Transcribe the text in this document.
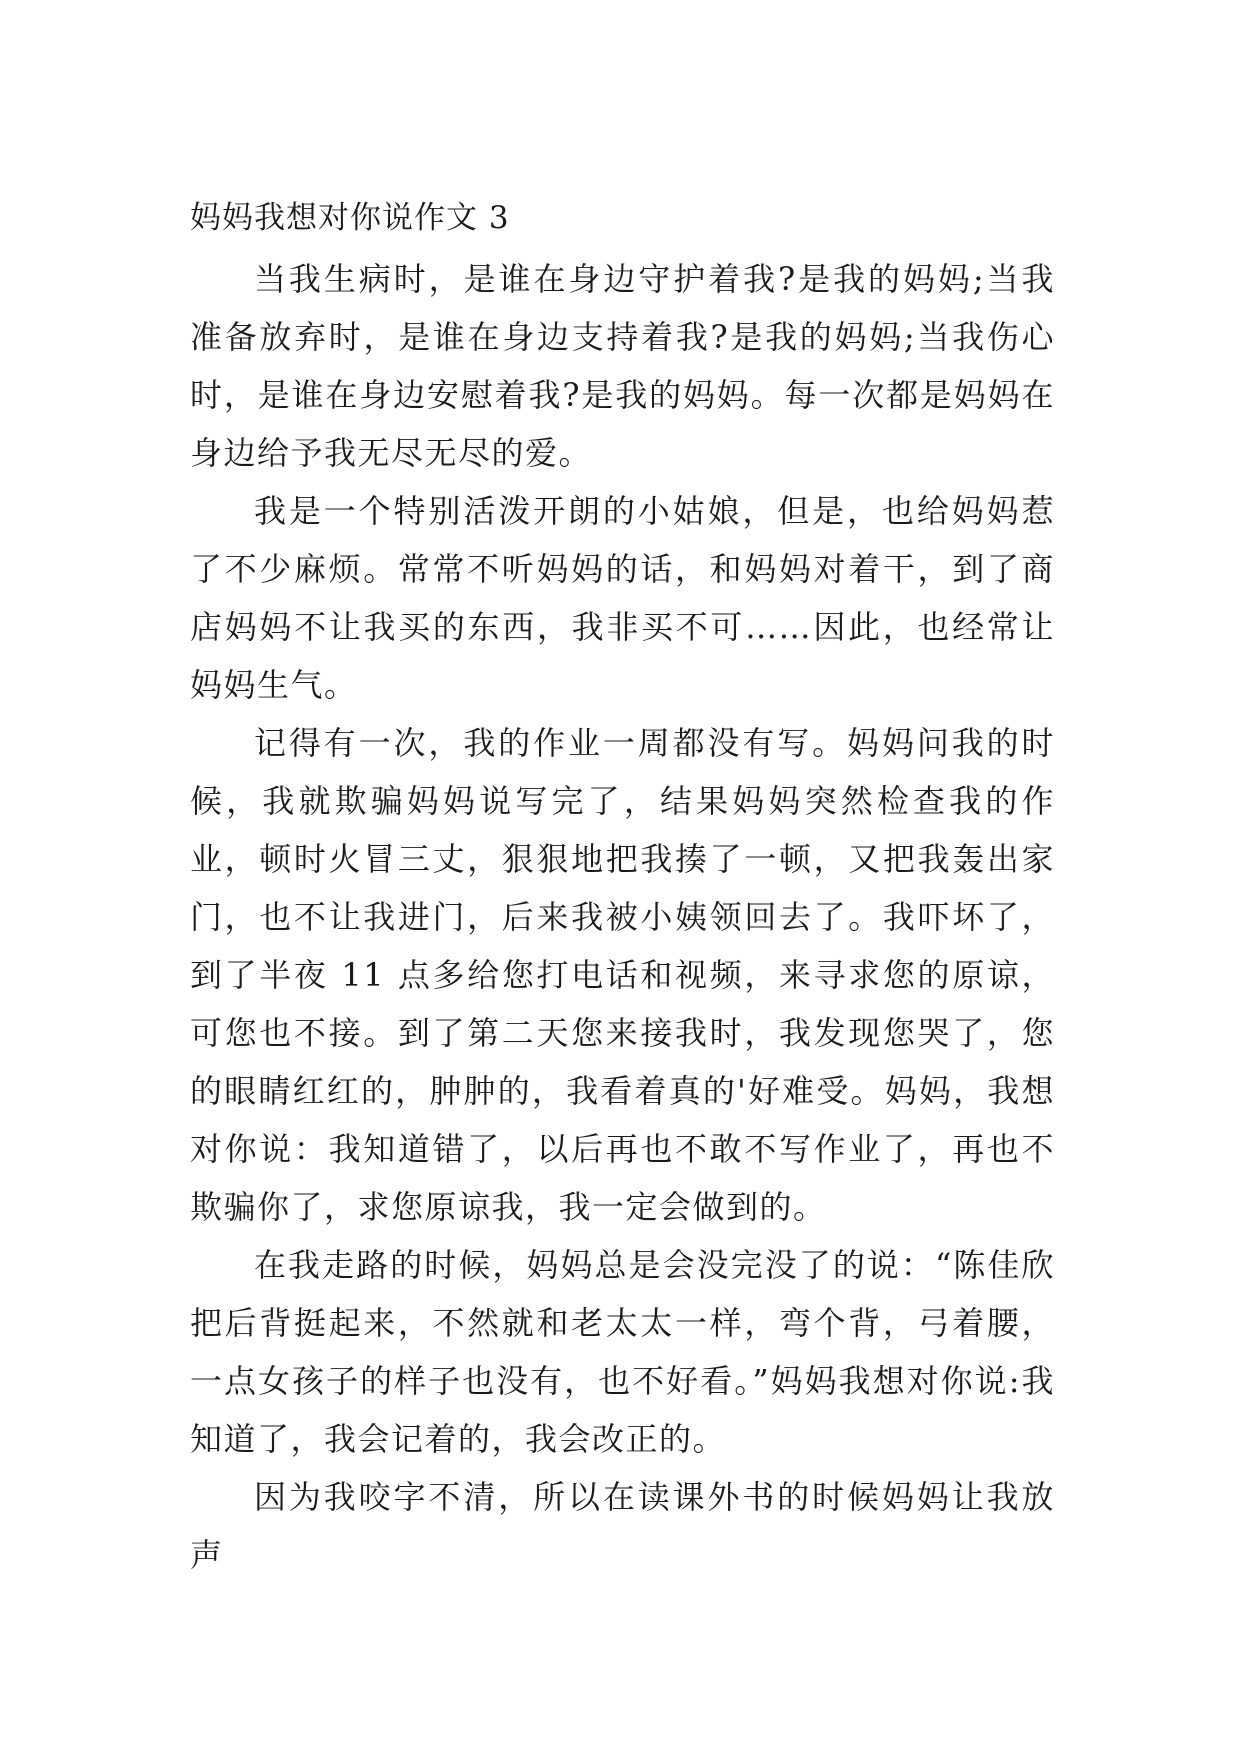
妈妈我想对你说作文 3

当我生病时，是谁在身边守护着我?是我的妈妈;当我准备放弃时，是谁在身边支持着我?是我的妈妈;当我伤心时，是谁在身边安慰着我?是我的妈妈。每一次都是妈妈在身边给予我无尽无尽的爱。

我是一个特别活泼开朗的小姑娘，但是，也给妈妈惹了不少麻烦。常常不听妈妈的话，和妈妈对着干，到了商店妈妈不让我买的东西，我非买不可……因此，也经常让妈妈生气。

记得有一次，我的作业一周都没有写。妈妈问我的时候，我就欺骗妈妈说写完了，结果妈妈突然检查我的作业，顿时火冒三丈，狠狠地把我揍了一顿，又把我轰出家门，也不让我进门，后来我被小姨领回去了。我吓坏了，到了半夜 11 点多给您打电话和视频，来寻求您的原谅，可您也不接。到了第二天您来接我时，我发现您哭了，您的眼睛红红的，肿肿的，我看着真的'好难受。妈妈，我想对你说：我知道错了，以后再也不敢不写作业了，再也不欺骗你了，求您原谅我，我一定会做到的。

在我走路的时候，妈妈总是会没完没了的说：“陈佳欣把后背挺起来，不然就和老太太一样，弯个背，弓着腰，一点女孩子的样子也没有，也不好看。”妈妈我想对你说:我知道了，我会记着的，我会改正的。

因为我咬字不清，所以在读课外书的时候妈妈让我放声
